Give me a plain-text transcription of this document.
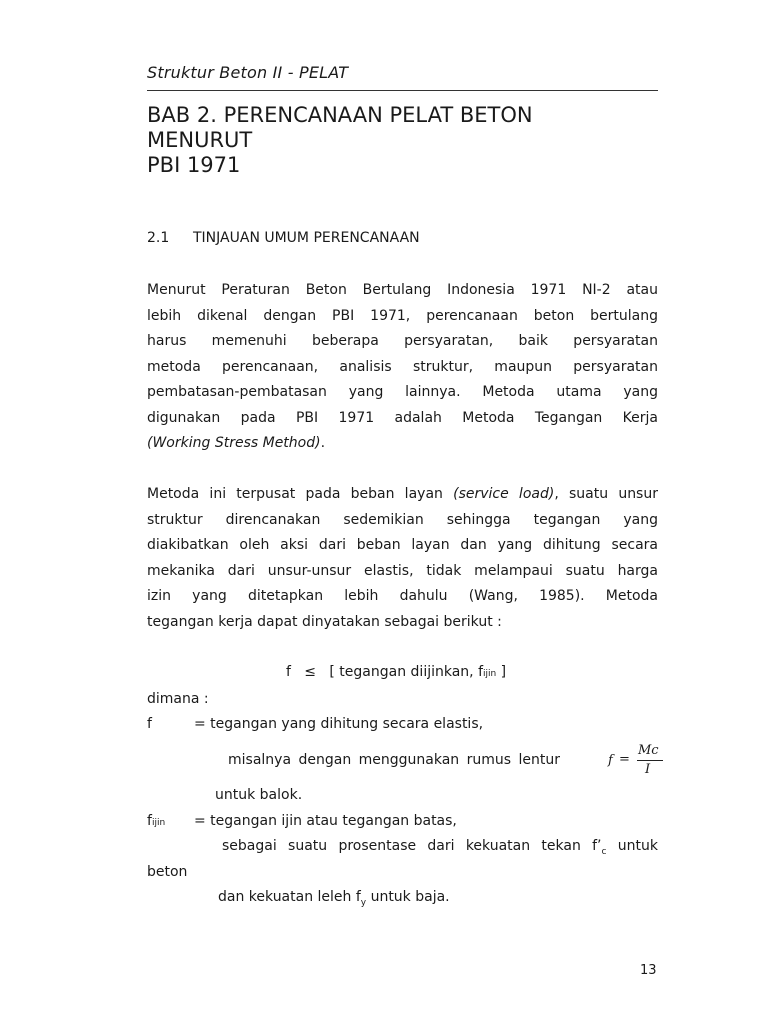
Struktur Beton II - PELAT
BAB 2. PERENCANAAN PELAT BETON
MENURUT
PBI 1971
2.1 TINJAUAN UMUM PERENCANAAN
Menurut Peraturan Beton Bertulang Indonesia 1971 NI-2 atau
lebih dikenal dengan PBI 1971, perencanaan beton bertulang
harus memenuhi beberapa persyaratan, baik persyaratan
metoda perencanaan, analisis struktur, maupun persyaratan
pembatasan-pembatasan yang lainnya. Metoda utama yang
digunakan pada PBI 1971 adalah Metoda Tegangan Kerja
(Working Stress Method).
Metoda ini terpusat pada beban layan (service load), suatu unsur
struktur direncanakan sedemikian sehingga tegangan yang
diakibatkan oleh aksi dari beban layan dan yang dihitung secara
mekanika dari unsur-unsur elastis, tidak melampaui suatu harga
izin yang ditetapkan lebih dahulu (Wang, 1985). Metoda
tegangan kerja dapat dinyatakan sebagai berikut :
f ≤ [ tegangan diijinkan, fijin ]
dimana :
f	= tegangan yang dihitung secara elastis,
misalnya dengan menggunakan rumus lentur	f =
Mc
I
untuk balok.
fijin = tegangan ijin atau tegangan batas,
sebagai suatu prosentase dari kekuatan tekan $f’_c$ untuk
beton
dan kekuatan leleh $f_y$ untuk baja.
13
